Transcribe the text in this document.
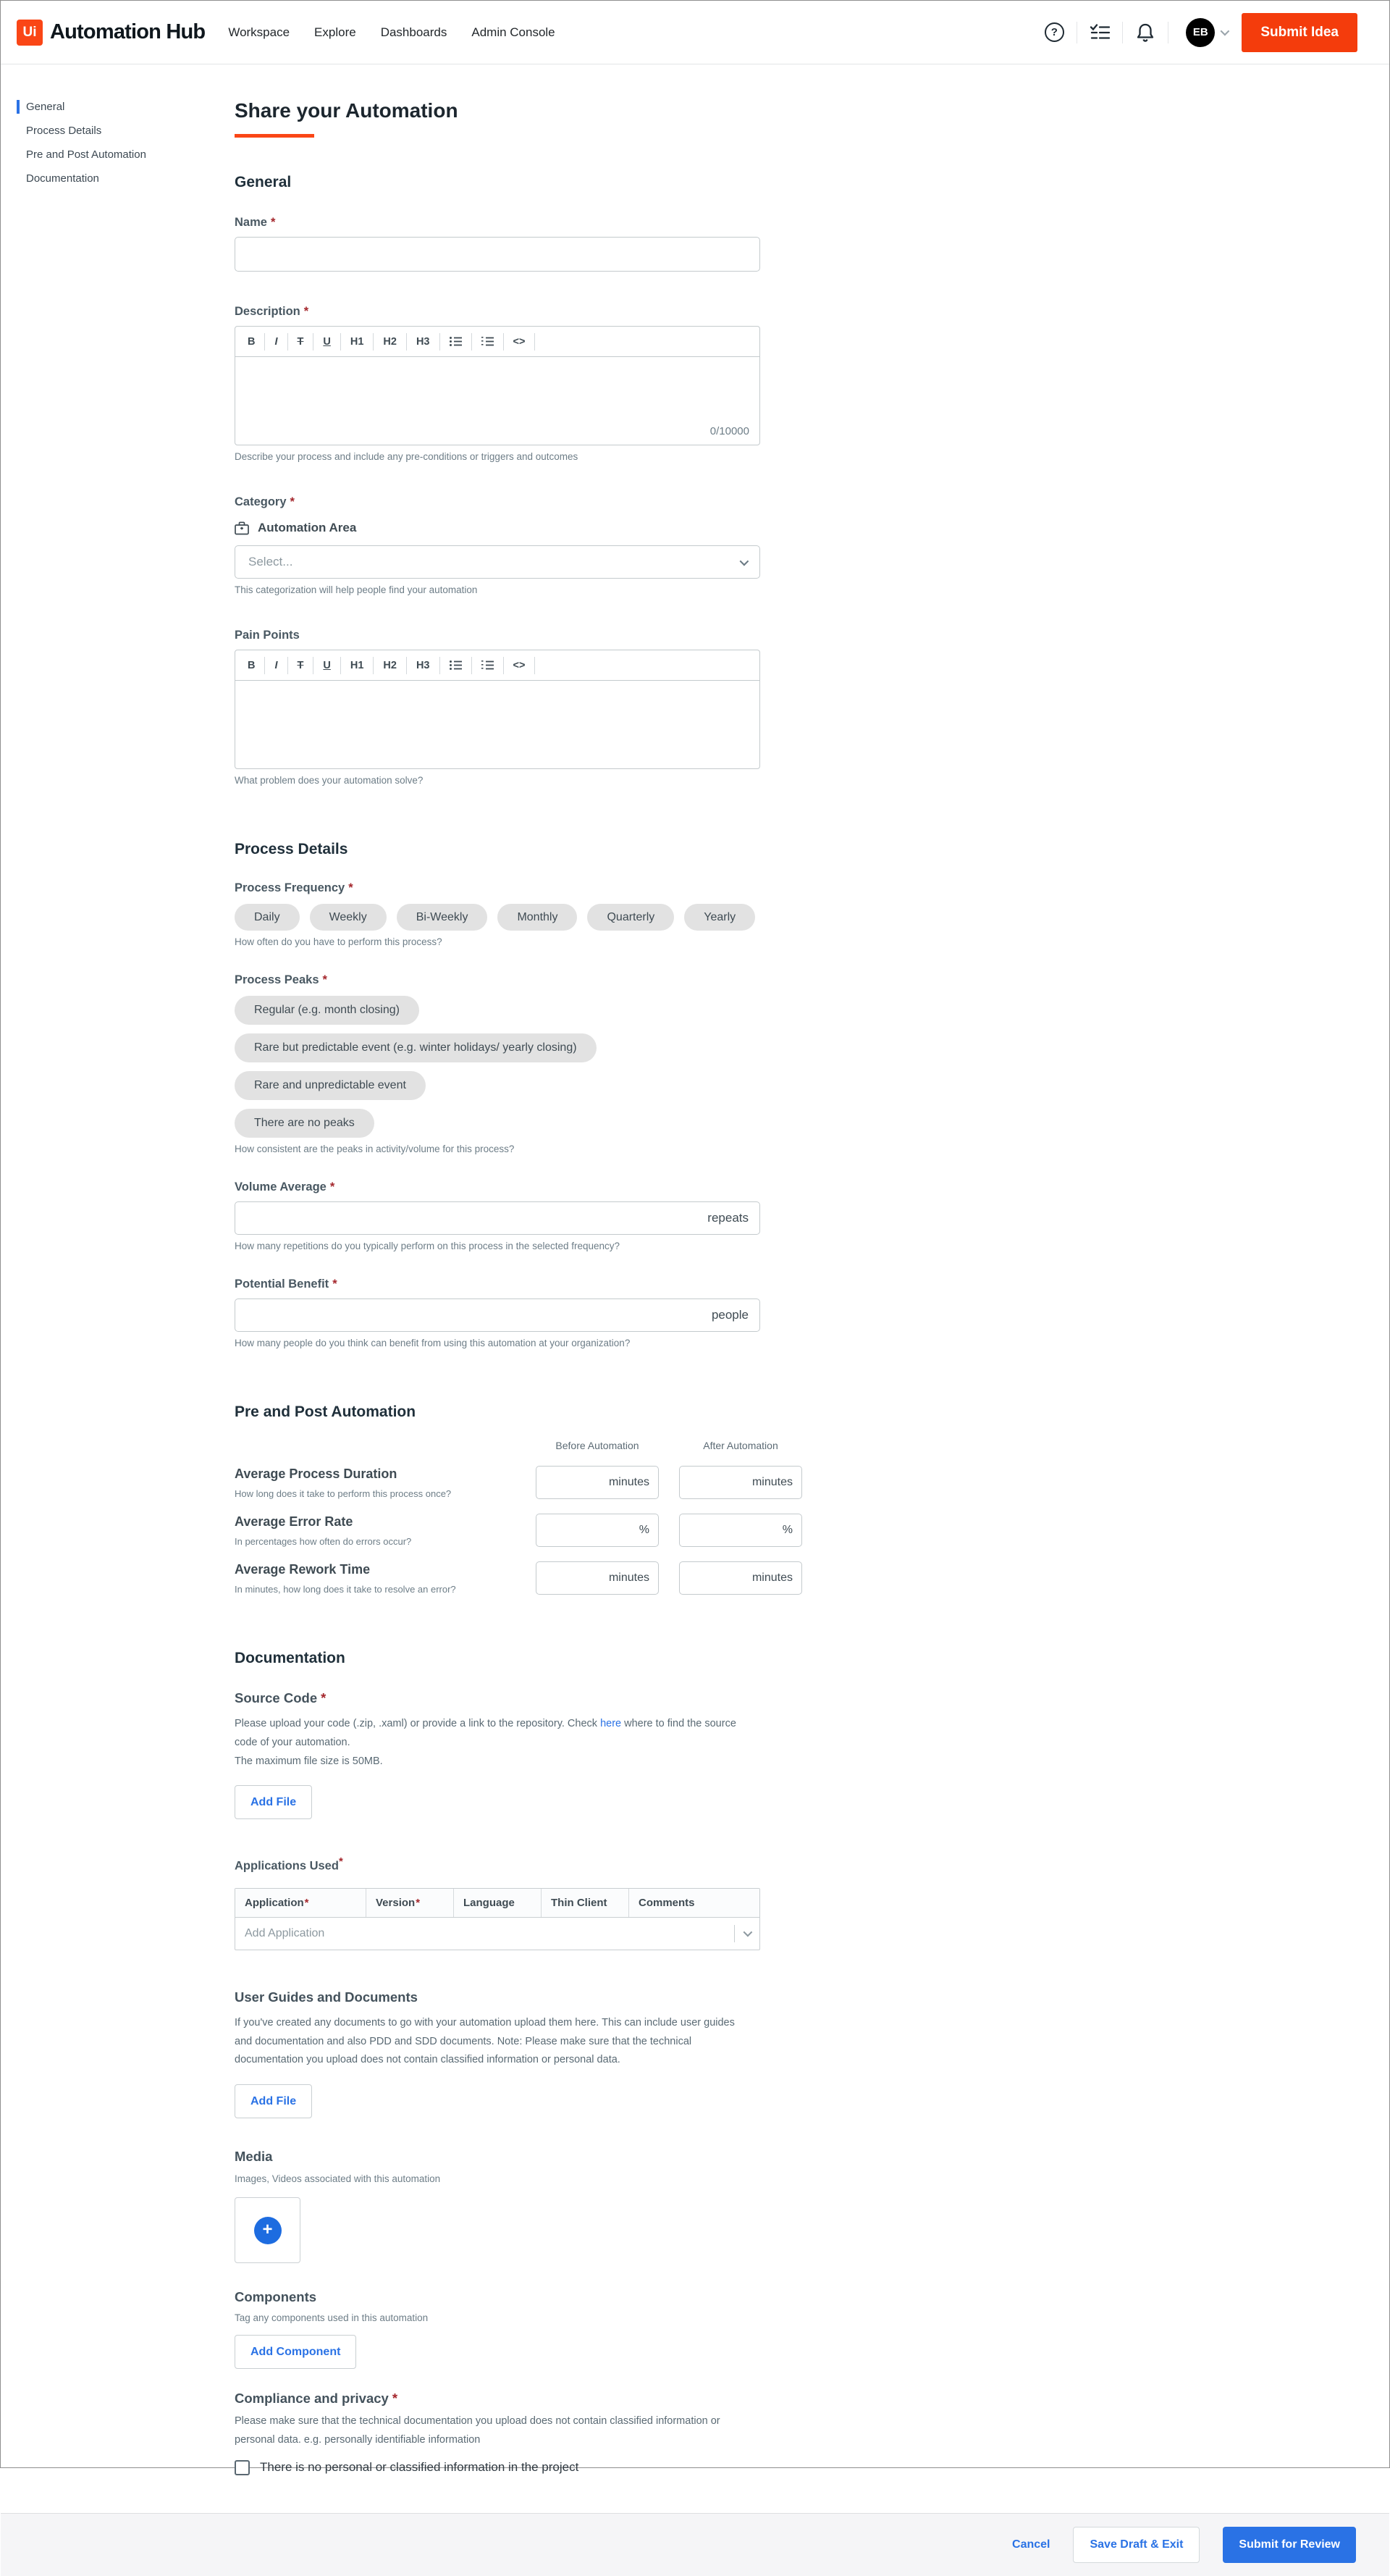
Ui Automation Hub Workspace Explore Dashboards Admin Console	?	EB	Submit Idea
General
Process Details
Pre and Post Automation
Documentation
Share your Automation
General
Name *
Description *
B	I	T	U	H1	H2	H3	<>
0/10000
Describe your process and include any pre-conditions or triggers and outcomes
Category *
Automation Area
Select...
This categorization will help people find your automation
Pain Points
B	I	T	U	H1	H2	H3	<>
What problem does your automation solve?
Process Details
Process Frequency *
Daily	Weekly	Bi-Weekly	Monthly	Quarterly	Yearly
How often do you have to perform this process?
Process Peaks *
Regular (e.g. month closing)
Rare but predictable event (e.g. winter holidays/ yearly closing)
Rare and unpredictable event
There are no peaks
How consistent are the peaks in activity/volume for this process?
Volume Average *
repeats
How many repetitions do you typically perform on this process in the selected frequency?
Potential Benefit *
people
How many people do you think can benefit from using this automation at your organization?
Pre and Post Automation
Before Automation	After Automation
Average Process Duration
How long does it take to perform this process once?
minutes	minutes
Average Error Rate
In percentages how often do errors occur?
%	%
Average Rework Time
In minutes, how long does it take to resolve an error?
minutes	minutes
Documentation
Source Code *

Please upload your code (.zip, .xaml) or provide a link to the repository. Check here where to find the source code of your automation.
The maximum file size is 50MB.

Add File
Applications Used*
Application*	Version*	Language	Thin Client	Comments
Add Application
User Guides and Documents

If you've created any documents to go with your automation upload them here. This can include user guides and documentation and also PDD and SDD documents. Note: Please make sure that the technical documentation you upload does not contain classified information or personal data.

Add File
Media
Images, Videos associated with this automation
+
Components
Tag any components used in this automation
Add Component
Compliance and privacy *

Please make sure that the technical documentation you upload does not contain classified information or personal data. e.g. personally identifiable information

There is no personal or classified information in the project
Cancel	Save Draft & Exit	Submit for Review
